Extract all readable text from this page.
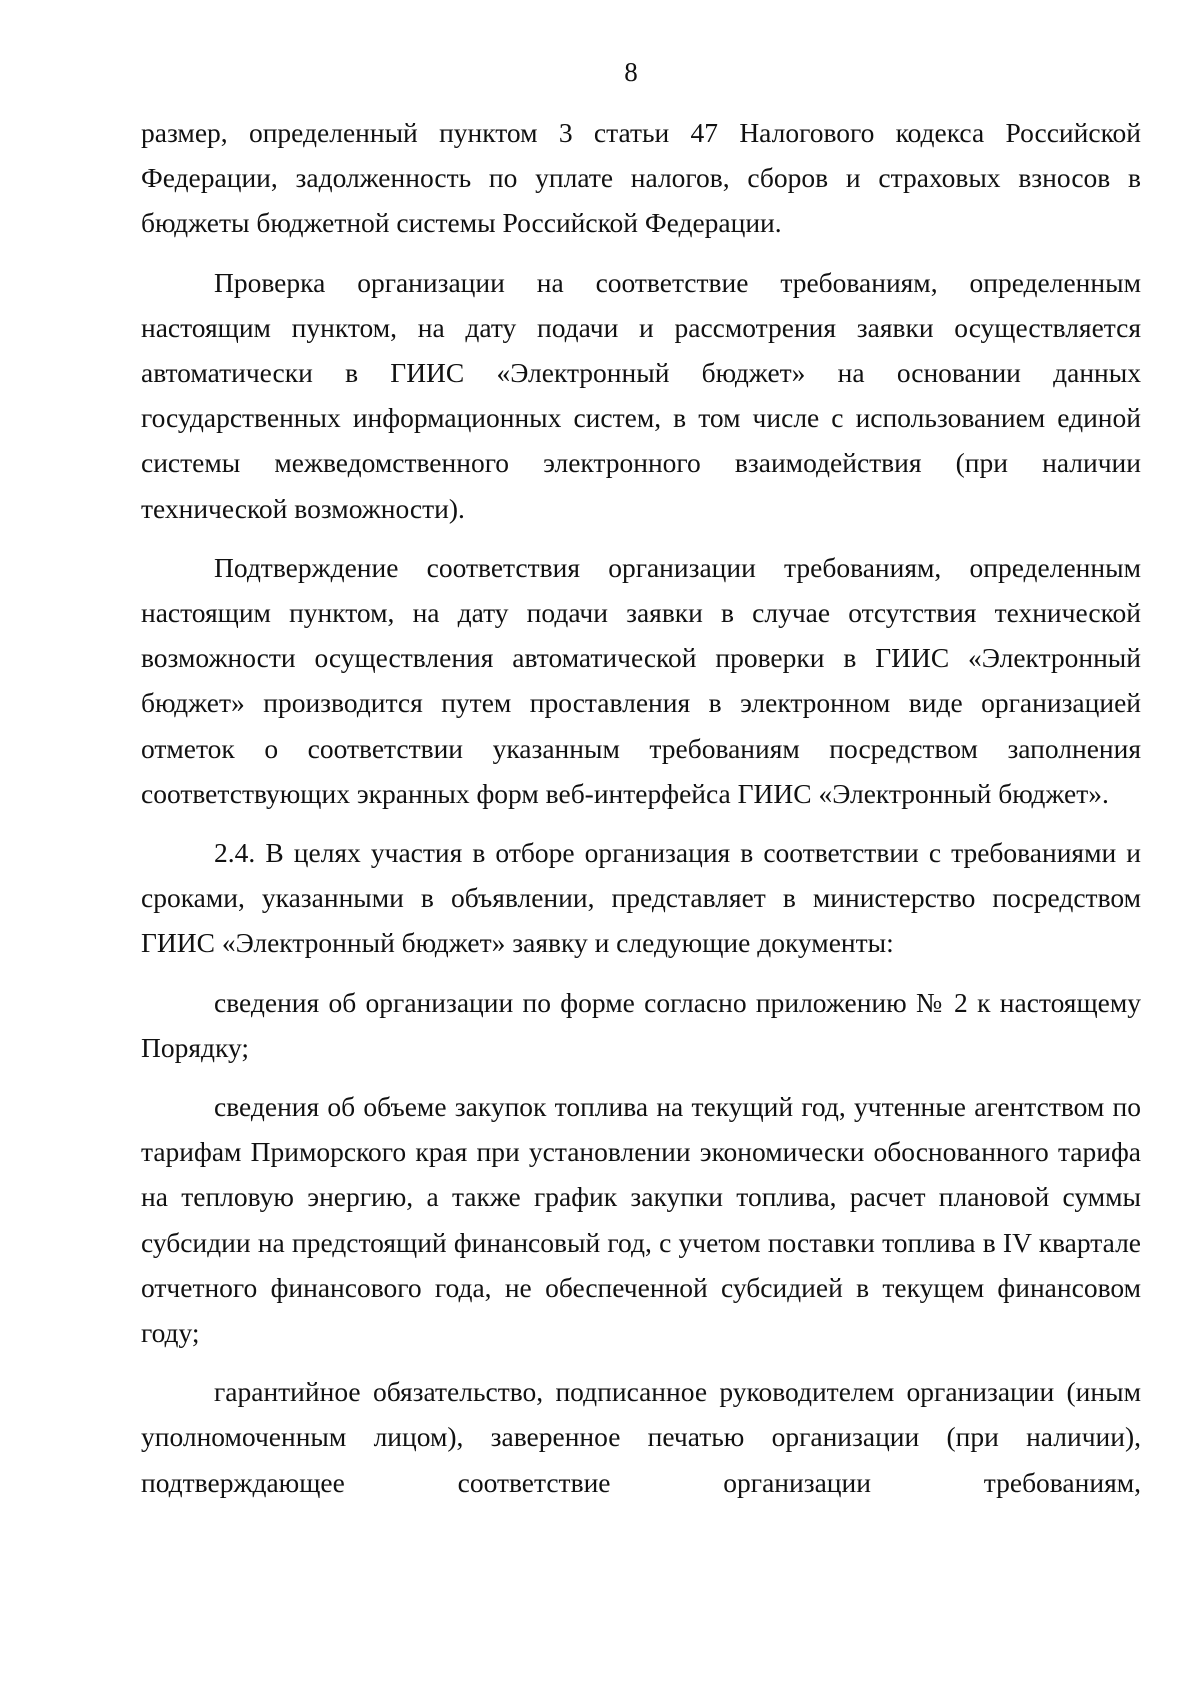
8

размер, определенный пунктом 3 статьи 47 Налогового кодекса Российской Федерации, задолженность по уплате налогов, сборов и страховых взносов в бюджеты бюджетной системы Российской Федерации.

Проверка организации на соответствие требованиям, определенным настоящим пунктом, на дату подачи и рассмотрения заявки осуществляется автоматически в ГИИС «Электронный бюджет» на основании данных государственных информационных систем, в том числе с использованием единой системы межведомственного электронного взаимодействия (при наличии технической возможности).

Подтверждение соответствия организации требованиям, определенным настоящим пунктом, на дату подачи заявки в случае отсутствия технической возможности осуществления автоматической проверки в ГИИС «Электронный бюджет» производится путем проставления в электронном виде организацией отметок о соответствии указанным требованиям посредством заполнения соответствующих экранных форм веб-интерфейса ГИИС «Электронный бюджет».

2.4. В целях участия в отборе организация в соответствии с требованиями и сроками, указанными в объявлении, представляет в министерство посредством ГИИС «Электронный бюджет» заявку и следующие документы:

сведения об организации по форме согласно приложению № 2 к настоящему Порядку;

сведения об объеме закупок топлива на текущий год, учтенные агентством по тарифам Приморского края при установлении экономически обоснованного тарифа на тепловую энергию, а также график закупки топлива, расчет плановой суммы субсидии на предстоящий финансовый год, с учетом поставки топлива в IV квартале отчетного финансового года, не обеспеченной субсидией в текущем финансовом году;

гарантийное обязательство, подписанное руководителем организации (иным уполномоченным лицом), заверенное печатью организации (при наличии), подтверждающее соответствие организации требованиям,
